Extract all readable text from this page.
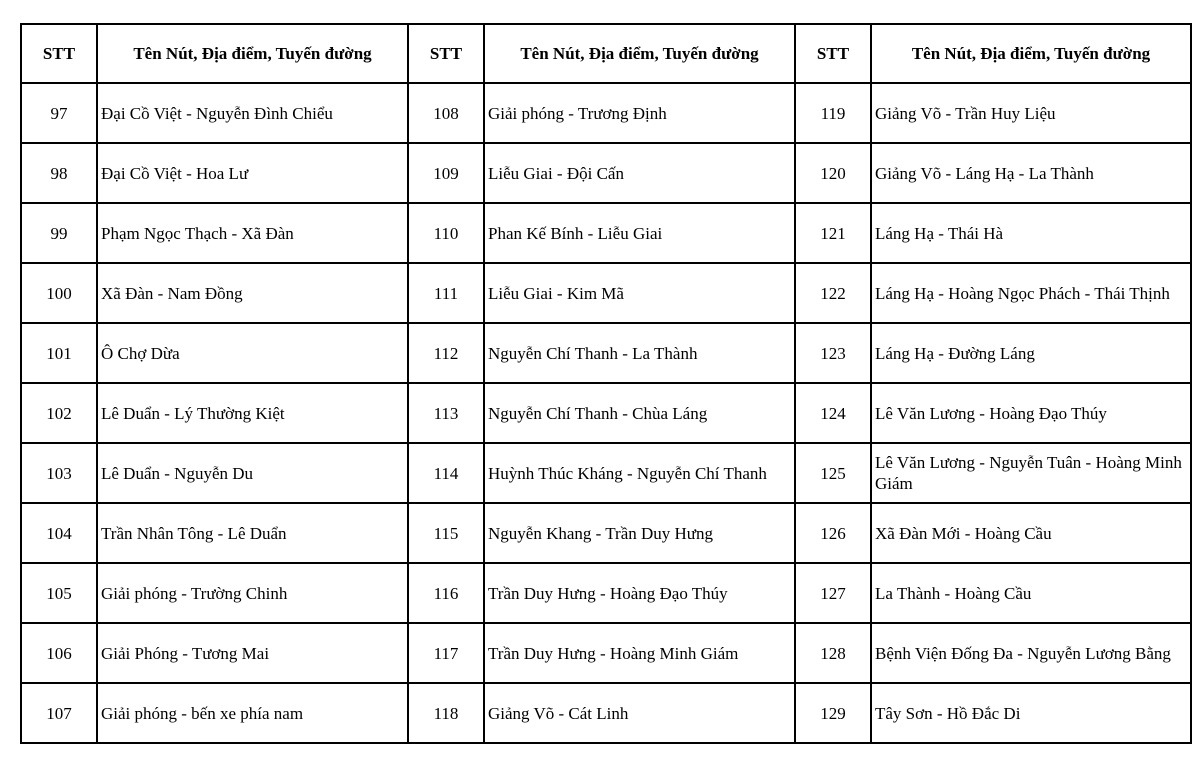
STT	Tên Nút, Địa điểm, Tuyến đường	STT	Tên Nút, Địa điểm, Tuyến đường	STT	Tên Nút, Địa điểm, Tuyến đường
97	Đại Cồ Việt - Nguyễn Đình Chiểu	108	Giải phóng - Trương Định	119	Giảng Võ - Trần Huy Liệu
98	Đại Cồ Việt - Hoa Lư	109	Liễu Giai - Đội Cấn	120	Giảng Võ - Láng Hạ - La Thành
99	Phạm Ngọc Thạch - Xã Đàn	110	Phan Kế Bính - Liễu Giai	121	Láng Hạ - Thái Hà
100	Xã Đàn - Nam Đồng	111	Liễu Giai - Kim Mã	122	Láng Hạ - Hoàng Ngọc Phách - Thái Thịnh
101	Ô Chợ Dừa	112	Nguyễn Chí Thanh - La Thành	123	Láng Hạ - Đường Láng
102	Lê Duẩn - Lý Thường Kiệt	113	Nguyễn Chí Thanh - Chùa Láng	124	Lê Văn Lương - Hoàng Đạo Thúy
103	Lê Duẩn - Nguyễn Du	114	Huỳnh Thúc Kháng - Nguyễn Chí Thanh	125	Lê Văn Lương - Nguyễn Tuân - Hoàng Minh Giám
104	Trần Nhân Tông - Lê Duẩn	115	Nguyễn Khang - Trần Duy Hưng	126	Xã Đàn Mới - Hoàng Cầu
105	Giải phóng - Trường Chinh	116	Trần Duy Hưng - Hoàng Đạo Thúy	127	La Thành - Hoàng Cầu
106	Giải Phóng - Tương Mai	117	Trần Duy Hưng - Hoàng Minh Giám	128	Bệnh Viện Đống Đa - Nguyễn Lương Bằng
107	Giải phóng - bến xe phía nam	118	Giảng Võ - Cát Linh	129	Tây Sơn - Hồ Đắc Di
